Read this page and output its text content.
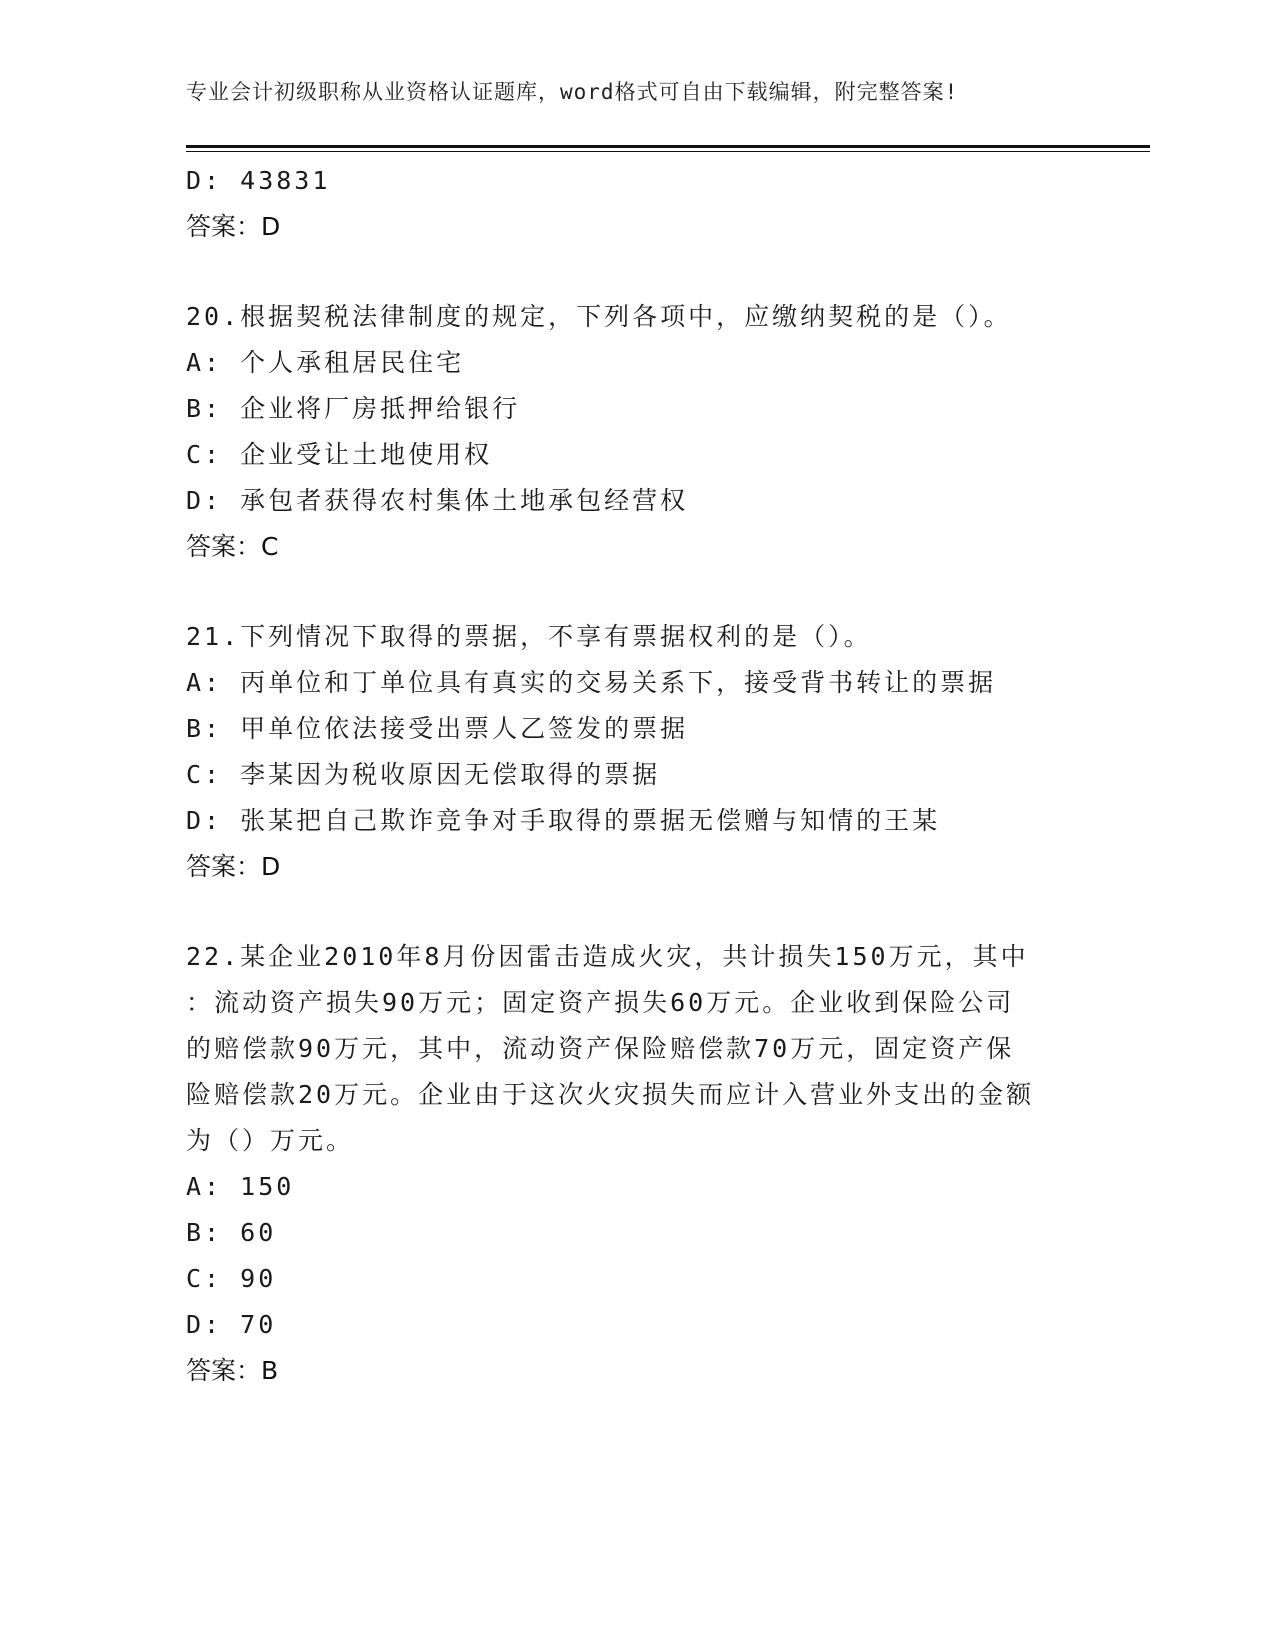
专业会计初级职称从业资格认证题库，word格式可自由下载编辑，附完整答案!
D: 43831
答案：D
20.根据契税法律制度的规定，下列各项中，应缴纳契税的是（）。
A: 个人承租居民住宅
B: 企业将厂房抵押给银行
C: 企业受让土地使用权
D: 承包者获得农村集体土地承包经营权
答案：C
21.下列情况下取得的票据，不享有票据权利的是（）。
A: 丙单位和丁单位具有真实的交易关系下，接受背书转让的票据
B: 甲单位依法接受出票人乙签发的票据
C: 李某因为税收原因无偿取得的票据
D: 张某把自己欺诈竞争对手取得的票据无偿赠与知情的王某
答案：D
22.某企业2010年8月份因雷击造成火灾，共计损失150万元，其中
：流动资产损失90万元；固定资产损失60万元。企业收到保险公司
的赔偿款90万元，其中，流动资产保险赔偿款70万元，固定资产保
险赔偿款20万元。企业由于这次火灾损失而应计入营业外支出的金额
为（）万元。
A: 150
B: 60
C: 90
D: 70
答案：B
